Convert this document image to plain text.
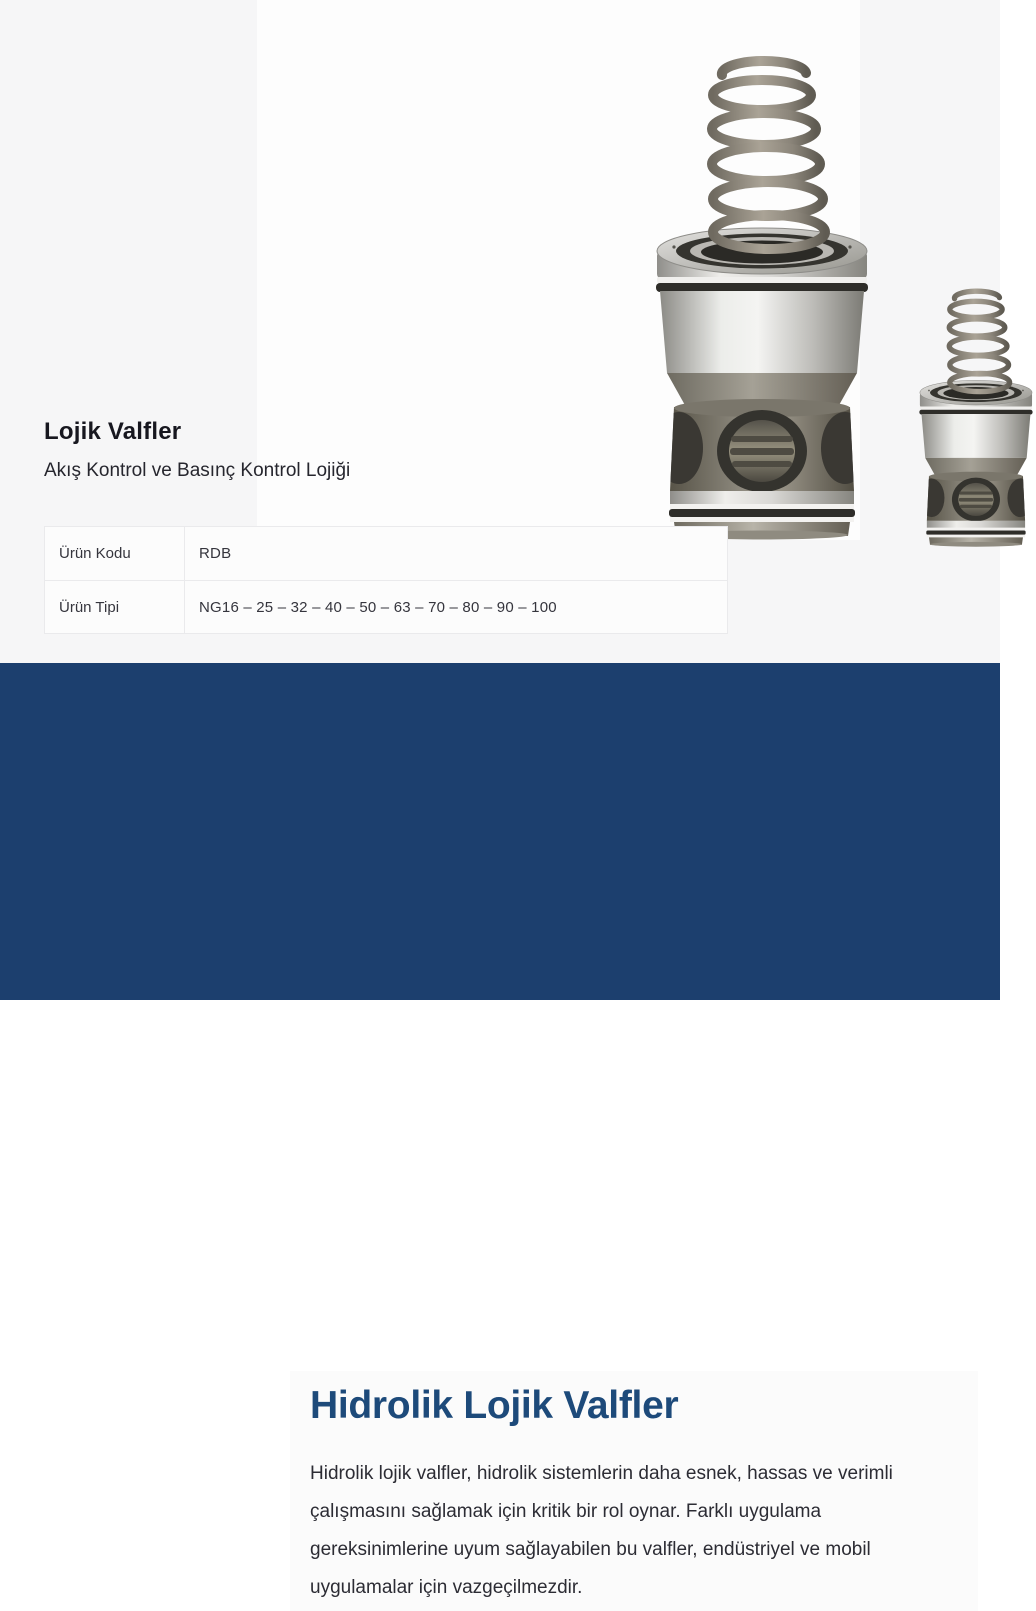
Lojik Valfler
Akış Kontrol ve Basınç Kontrol Lojiği
Ürün Kodu	RDB
Ürün Tipi	NG16 – 25 – 32 – 40 – 50 – 63 – 70 – 80 – 90 – 100
ALF
Dış Ticaret Limited Şirketi Hidrolik Lojik Valfler

Hidrolik lojik valfler, hidrolik sistemlerin daha esnek, hassas ve verimli çalışmasını sağlamak için kritik bir rol oynar. Farklı uygulama gereksinimlerine uyum sağlayabilen bu valfler, endüstriyel ve mobil uygulamalar için vazgeçilmezdir.
